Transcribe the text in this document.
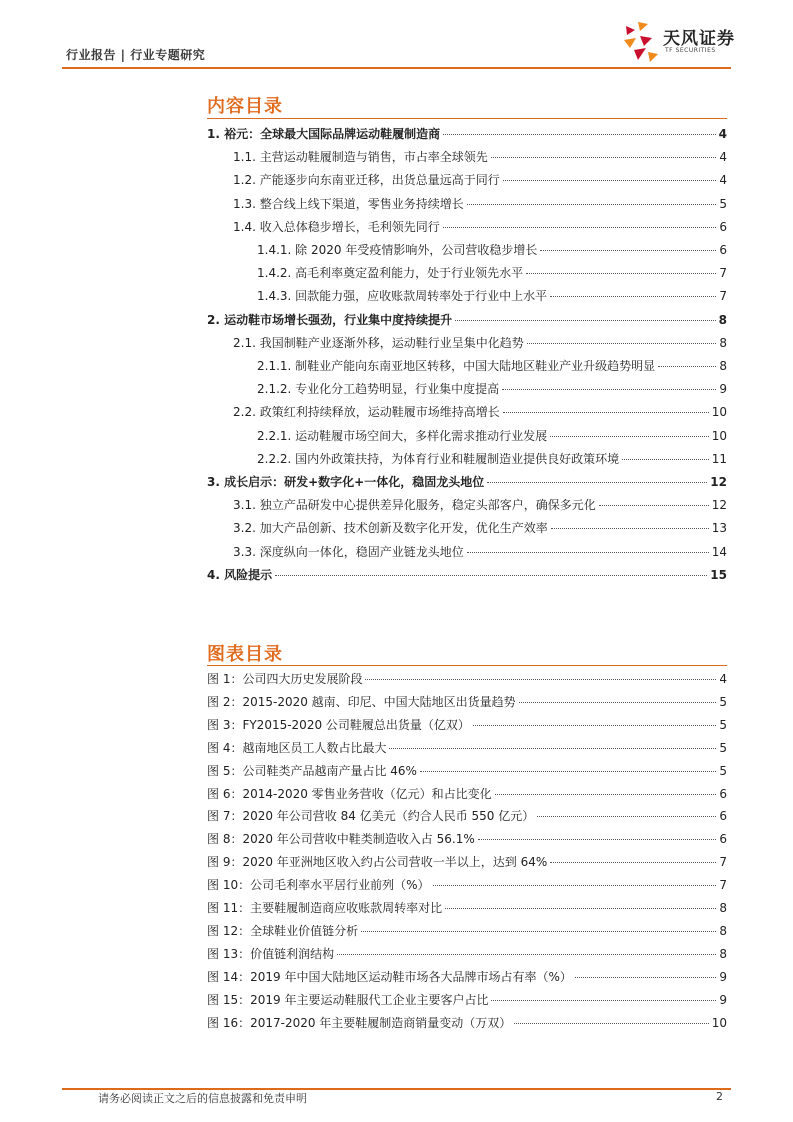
行业报告 | 行业专题研究
天风证券
TF SECURITIES
内容目录
1. 裕元：全球最大国际品牌运动鞋履制造商	4
1.1. 主营运动鞋履制造与销售，市占率全球领先	4
1.2. 产能逐步向东南亚迁移，出货总量远高于同行	4
1.3. 整合线上线下渠道，零售业务持续增长	5
1.4. 收入总体稳步增长，毛利领先同行	6
1.4.1. 除 2020 年受疫情影响外，公司营收稳步增长	6
1.4.2. 高毛利率奠定盈利能力，处于行业领先水平	7
1.4.3. 回款能力强，应收账款周转率处于行业中上水平	7
2. 运动鞋市场增长强劲，行业集中度持续提升	8
2.1. 我国制鞋产业逐渐外移，运动鞋行业呈集中化趋势	8
2.1.1. 制鞋业产能向东南亚地区转移，中国大陆地区鞋业产业升级趋势明显	8
2.1.2. 专业化分工趋势明显，行业集中度提高	9
2.2. 政策红利持续释放，运动鞋履市场维持高增长	10
2.2.1. 运动鞋履市场空间大，多样化需求推动行业发展	10
2.2.2. 国内外政策扶持，为体育行业和鞋履制造业提供良好政策环境	11
3. 成长启示：研发+数字化+一体化，稳固龙头地位	12
3.1. 独立产品研发中心提供差异化服务，稳定头部客户，确保多元化	12
3.2. 加大产品创新、技术创新及数字化开发，优化生产效率	13
3.3. 深度纵向一体化，稳固产业链龙头地位	14
4. 风险提示	15
图表目录
图 1：公司四大历史发展阶段	4
图 2：2015-2020 越南、印尼、中国大陆地区出货量趋势	5
图 3：FY2015-2020 公司鞋履总出货量（亿双）	5
图 4：越南地区员工人数占比最大	5
图 5：公司鞋类产品越南产量占比 46%	5
图 6：2014-2020 零售业务营收（亿元）和占比变化	6
图 7：2020 年公司营收 84 亿美元（约合人民币 550 亿元）	6
图 8：2020 年公司营收中鞋类制造收入占 56.1%	6
图 9：2020 年亚洲地区收入约占公司营收一半以上，达到 64%	7
图 10：公司毛利率水平居行业前列（%）	7
图 11：主要鞋履制造商应收账款周转率对比	8
图 12：全球鞋业价值链分析	8
图 13：价值链利润结构	8
图 14：2019 年中国大陆地区运动鞋市场各大品牌市场占有率（%）	9
图 15：2019 年主要运动鞋服代工企业主要客户占比	9
图 16：2017-2020 年主要鞋履制造商销量变动（万双）	10
请务必阅读正文之后的信息披露和免责申明	2
